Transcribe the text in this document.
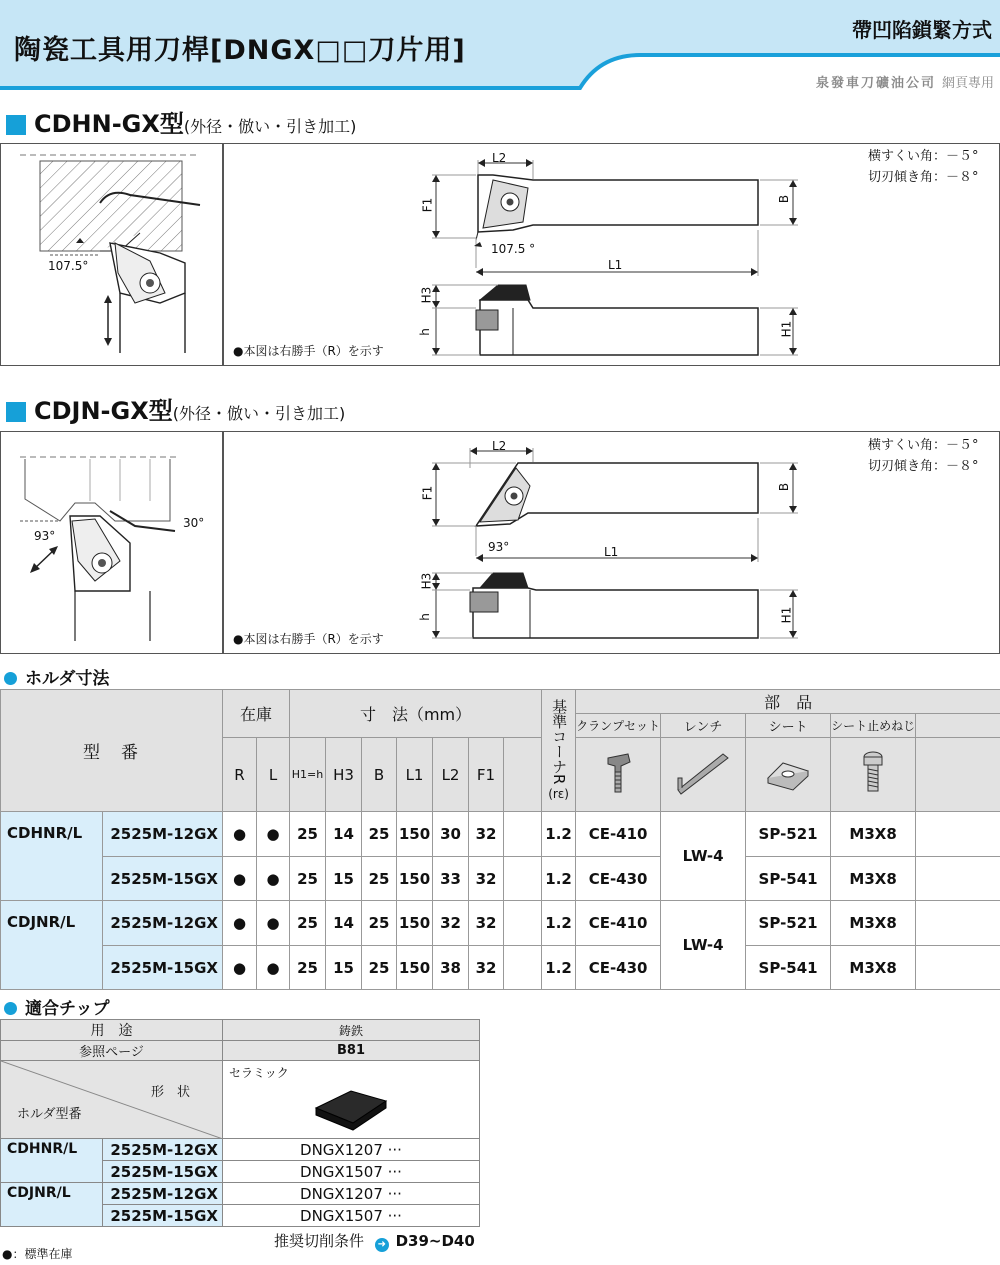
陶瓷工具用刀桿[DNGX□□刀片用]
帶凹陷鎖緊方式
泉發車刀礦油公司 網頁專用
CDHN-GX型(外径・倣い・引き加工)
107.5°
L2
F1	B
107.5 °
L1
H3
h	H1
横すくい角：－５°
切刃傾き角：－８°
●本図は右勝手（R）を示す
CDJN-GX型(外径・倣い・引き加工)
93°
30°
L2
F1	B
93°	L1
H3
h	H1
横すくい角：－５°
切刃傾き角：－８°
●本図は右勝手（R）を示す
ホルダ寸法
型　番		在庫		寸　法（mm）							基準コーナR
(rε)	部　品				
												クランプセット	レンチ	シート	シート止めねじ	
		R	L	H1=h	H3	B	L1	L2	F1						
CDHNR/L	2525M-12GX	●	●	25	14	25	150	30	32		1.2	CE-410	LW-4	SP-521	M3X8	
	2525M-15GX	●	●	25	15	25	150	33	32		1.2	CE-430		SP-541	M3X8	
CDJNR/L	2525M-12GX	●	●	25	14	25	150	32	32		1.2	CE-410	LW-4	SP-521	M3X8	
	2525M-15GX	●	●	25	15	25	150	38	32		1.2	CE-430		SP-541	M3X8	
適合チップ
用　途		鋳鉄
参照ページ		B81

形　状
ホルダ型番		セラミック

CDHNR/L	2525M-12GX	DNGX1207 ···
	2525M-15GX	DNGX1507 ···
CDJNR/L	2525M-12GX	DNGX1207 ···
	2525M-15GX	DNGX1507 ···
推奨切削条件 ➜ D39~D40
●：標準在庫
